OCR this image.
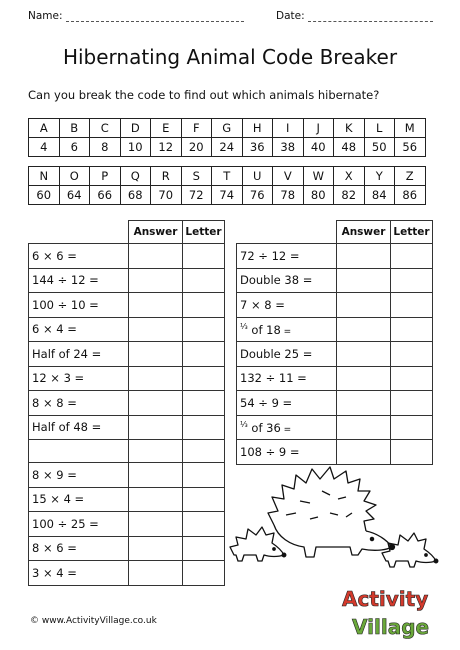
Name:	Date:
Hibernating Animal Code Breaker
Can you break the code to find out which animals hibernate?
A	B	C	D	E	F	G	H	I	J	K	L	M
4	6	8	10	12	20	24	36	38	40	48	50	56
N	O	P	Q	R	S	T	U	V	W	X	Y	Z
60	64	66	68	70	72	74	76	78	80	82	84	86
	Answer	Letter
6 × 6 =		
144 ÷ 12 =		
100 ÷ 10 =		
6 × 4 =		
Half of 24 =		
12 × 3 =		
8 × 8 =		
Half of 48 =		

8 × 9 =		
15 × 4 =		
100 ÷ 25 =		
8 × 6 =		
3 × 4 =		
	Answer	Letter
72 ÷ 12 =		
Double 38 =		
7 × 8 =		
$^{\frac{1}{3}}$ of 18 =		
Double 25 =		
132 ÷ 11 =		
54 ÷ 9 =		
$^{\frac{1}{3}}$ of 36 =		
108 ÷ 9 =		
© www.ActivityVillage.co.uk
Activity
Village
